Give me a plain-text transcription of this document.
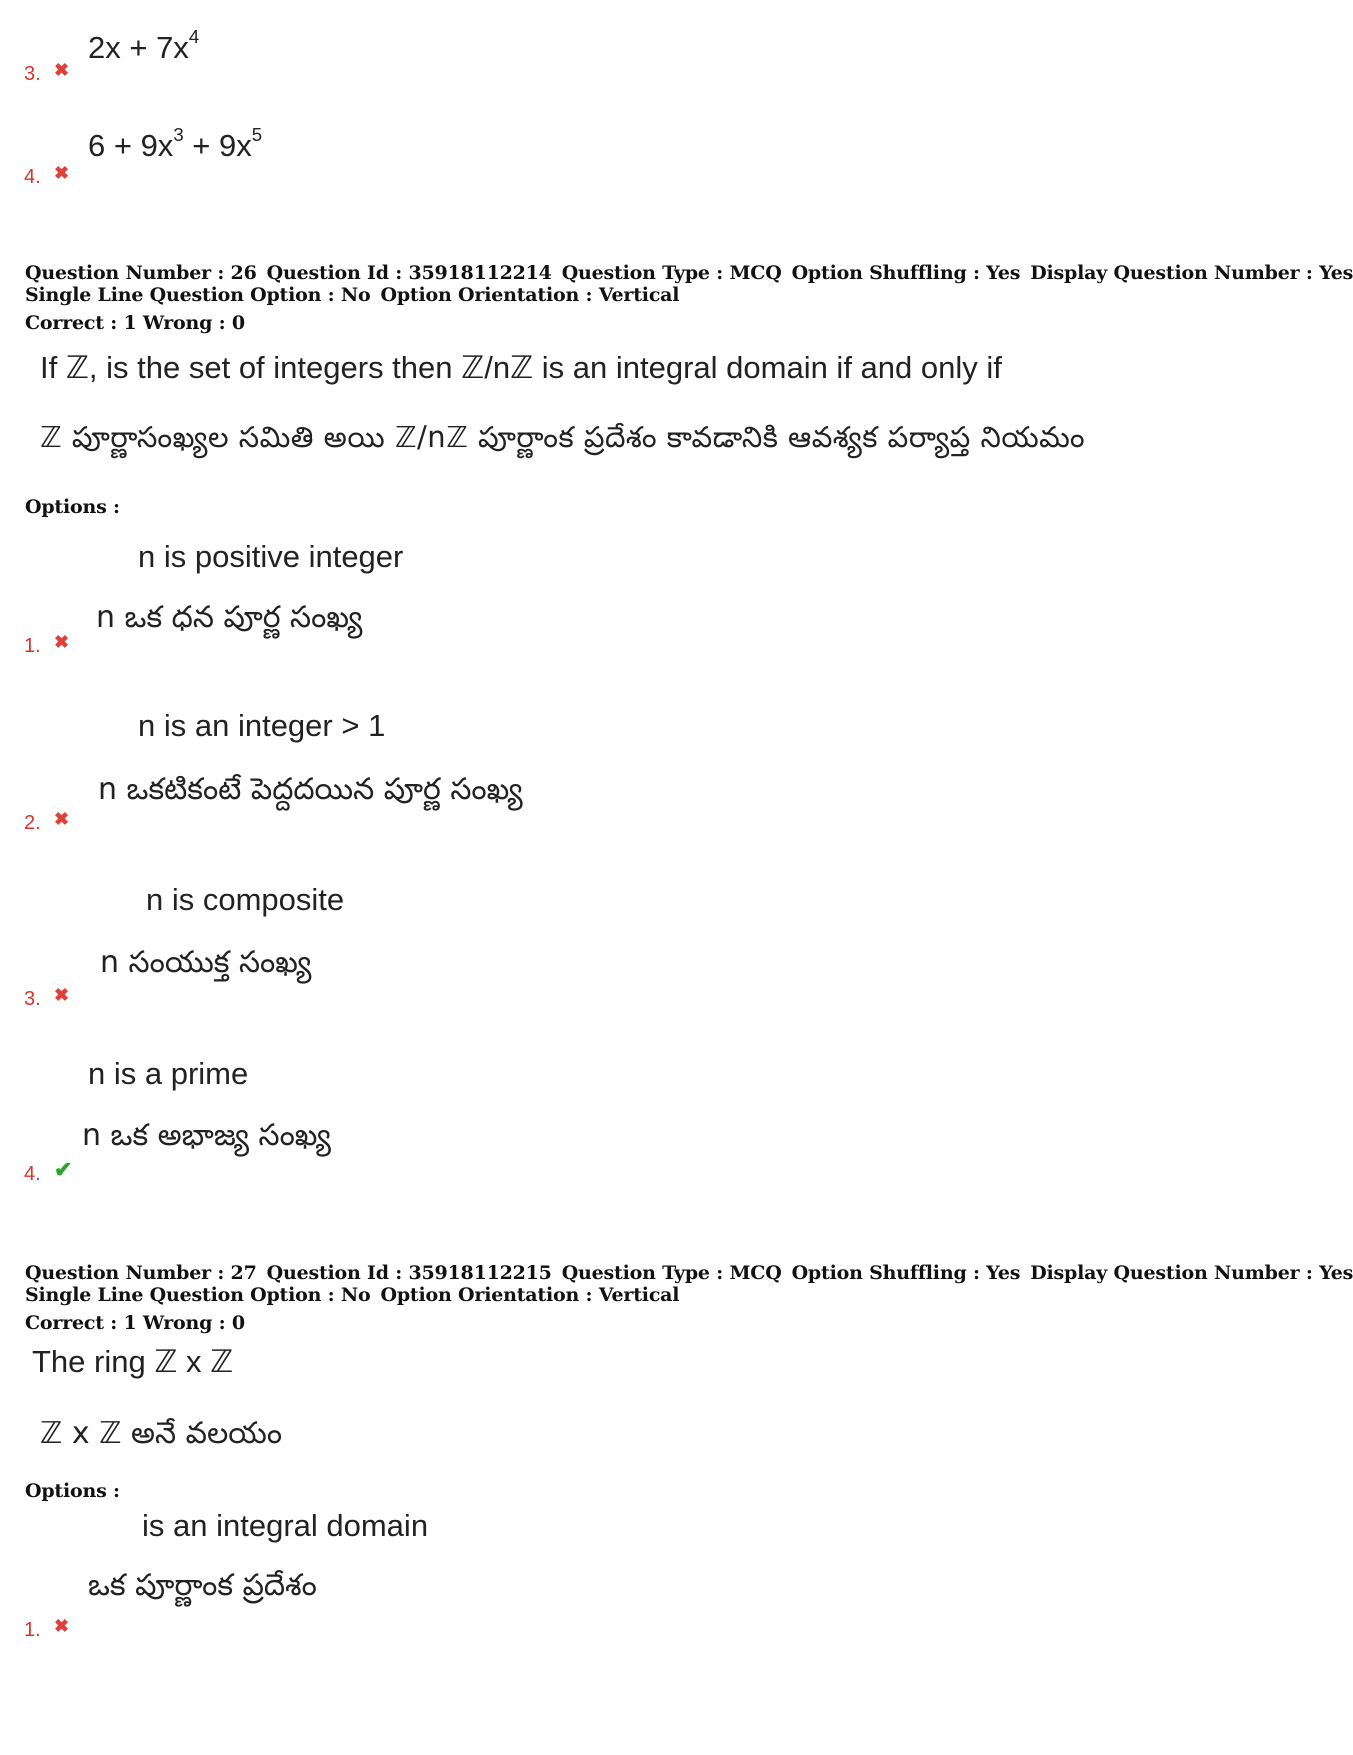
$2x + 7x^4$
3. ✖
$6 + 9x^3 + 9x^5$
4. ✖
Question Number : 26 Question Id : 35918112214 Question Type : MCQ Option Shuffling : Yes Display Question Number : Yes
Single Line Question Option : No Option Orientation : Vertical
Correct : 1 Wrong : 0
If ℤ, is the set of integers then ℤ/nℤ is an integral domain if and only if
ℤ పూర్ణాసంఖ్యల సమితి అయి ℤ/nℤ పూర్ణాంక ప్రదేశం కావడానికి ఆవశ్యక పర్యాప్త నియమం
Options :
n is positive integer
n ఒక ధన పూర్ణ సంఖ్య
1. ✖
n is an integer > 1
n ఒకటికంటే పెద్దదయిన పూర్ణ సంఖ్య
2. ✖
n is composite
n సంయుక్త సంఖ్య
3. ✖
n is a prime
n ఒక అభాజ్య సంఖ్య
4. ✔
Question Number : 27 Question Id : 35918112215 Question Type : MCQ Option Shuffling : Yes Display Question Number : Yes
Single Line Question Option : No Option Orientation : Vertical
Correct : 1 Wrong : 0
The ring ℤ x ℤ
ℤ x ℤ అనే వలయం
Options :
is an integral domain
ఒక పూర్ణాంక ప్రదేశం
1. ✖
